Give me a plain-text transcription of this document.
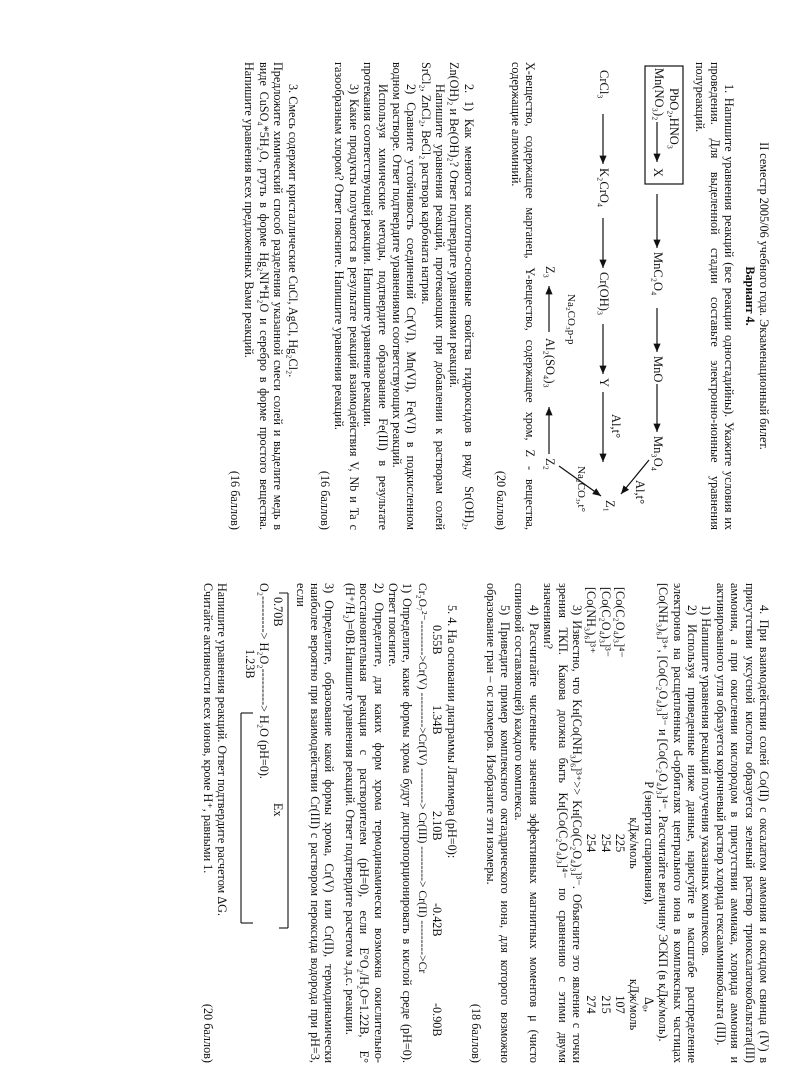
II семестр 2005/06 учебного года. Экзаменационный билет.

Вариант 4.

1. Напишите уравнения реакций (все реакции одностадийны). Укажите условия их проведения. Для выделенной стадии составьте электронно-ионные уравнения полуреакций.

Mn(NO₃)₂ PbO₂,HNO₃
X
MnC₂O₄
MnO
Mn₃O₄
Al,t°
Z₁
Na₂CO₃,t°
CrCl₃
K₂CrO₄
Cr(OH)₃
Y
Al,t°
Z₂
Al₂(SO₄)₃
Z₃
Na₂CO₃р-р

X-вещество, содержащее марганец, Y-вещество, содержащее хром, Z - вещества, содержащие алюминий.

(20 баллов)

2. 1) Как меняются кислотно-основные свойства гидроксидов в ряду Sr(OH)₂, Zn(OH)₂ и Be(OH)₂? Ответ подтвердите уравнениями реакций.

Напишите уравнения реакций, протекающих при добавлении к растворам солей SrCl₂, ZnCl₂, BeCl₂ раствора карбоната натрия.

2) Сравните устойчивость соединений Cr(VI), Mn(VI), Fe(VI) в подкисленном водном растворе. Ответ подтвердите уравнениями соответствующих реакций.

Используя химические методы, подтвердите образование Fe(III) в результате протекания соответствующей реакции. Напишите уравнение реакции.

3) Какие продукты получаются в результате реакций взаимодействия V, Nb и Ta с газообразным хлором? Ответ поясните. Напишите уравнения реакций.

(16 баллов)

3. Смесь содержит кристаллические CuCl, AgCl, Hg₂Cl₂.

Предложите химический способ разделения указанной смеси солей и выделите медь в виде CuSO₄*5H₂O, ртуть в форме Hg₂NI*H₂O и серебро в форме простого вещества. Напишите уравнения всех предложенных Вами реакций.

(16 баллов)

4. При взаимодействии солей Co(II) с оксалатом аммония и оксидом свинца (IV) в присутствии уксусной кислоты образуется зеленый раствор триоксалатокобальтата(III) аммония, а при окислении кислородом в присутствии аммиака, хлорида аммония и активированного угля образуется коричневый раствор хлорида гексаамминкобальта (III).

1) Напишите уравнения реакций получения указанных комплексов.

2) Используя приведенные ниже данные, нарисуйте в масштабе распределение электронов на расщепленных d-орбиталях центрального иона в комплексных частицах [Co(NH₃)₆]³⁺, [Co(C₂O₄)₃]³⁻ и [Co(C₂O₄)₃]⁴⁻. Рассчитайте величину ЭСКП (в кДж/моль).

	P (энергия спаривания),
кДж/моль	Δ₀,
кДж/моль
[Co(C₂O₄)₃]⁴⁻	225	107
[Co(C₂O₄)₃]³⁻	254	215
[Co(NH₃)₆]³⁺	254	274

3) Известно, что Kн[Co(NH₃)₆]³⁺>> Kн[Co(C₂O₄)₃]³⁻. Объясните это явление с точки зрения ТКП. Какова должна быть Kн[Co(C₂O₄)₃]⁴⁻ по сравнению с этими двумя значениями?

4) Рассчитайте численные значения эффективных магнитных моментов μ (чисто спиновой составляющей) каждого комплекса.

5) Приведите пример комплексного октаэдрического иона, для которого возможно образование гран – ос изомеров. Изобразите эти изомеры.

(18 баллов)

5. 4. На основании диаграммы Латимера (pH=0):

0.55В
1.34В
2.10В
-0.42В
-0.90В
Cr₂O₇²⁻--------->Cr(V) --------->Cr(IV) ---------> Cr(III) ---------> Cr(II) --------->Cr

1) Определите, какие формы хрома будут диспропорционировать в кислой среде (pH=0). Ответ поясните.

2) Определите, для каких форм хрома термодинамически возможна окислительно-восстановительная реакция с растворителем (pH=0), если E°O₂/H₂O=1.22В, E°(H⁺/H₂)=0В.Напишите уравнения реакций. Ответ подтвердите расчетом э.д.с. реакции.

3) Определите, образование какой формы хрома, Cr(V) или Cr(II), термодинамически наиболее вероятно при взаимодействии Cr(III) с раствором пероксида водорода при pH=3, если

0.70В
Ex
O₂---------> H₂O₂---------> H₂O (pH=0).
1.23В

Напишите уравнения реакций. Ответ подтвердите расчетом ΔG.

Считайте активности всех ионов, кроме H⁺, равными 1.

(20 баллов)
